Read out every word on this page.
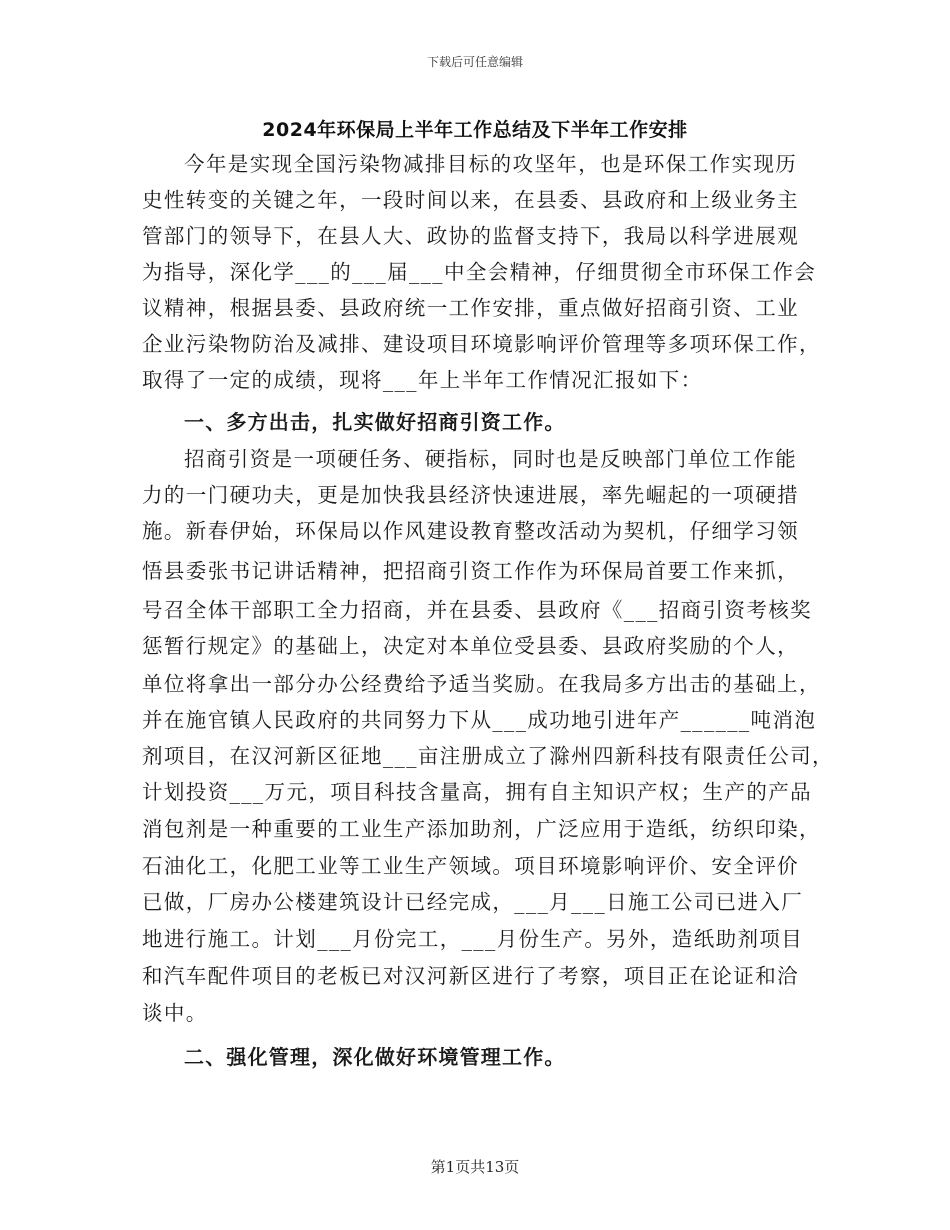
下载后可任意编辑
2024年环保局上半年工作总结及下半年工作安排
今年是实现全国污染物减排目标的攻坚年，也是环保工作实现历
史性转变的关键之年，一段时间以来，在县委、县政府和上级业务主
管部门的领导下，在县人大、政协的监督支持下，我局以科学进展观
为指导，深化学___的___届___中全会精神，仔细贯彻全市环保工作会
议精神，根据县委、县政府统一工作安排，重点做好招商引资、工业
企业污染物防治及减排、建设项目环境影响评价管理等多项环保工作，
取得了一定的成绩，现将___年上半年工作情况汇报如下：
一、多方出击，扎实做好招商引资工作。
招商引资是一项硬任务、硬指标，同时也是反映部门单位工作能
力的一门硬功夫，更是加快我县经济快速进展，率先崛起的一项硬措
施。新春伊始，环保局以作风建设教育整改活动为契机，仔细学习领
悟县委张书记讲话精神，把招商引资工作作为环保局首要工作来抓，
号召全体干部职工全力招商，并在县委、县政府《___招商引资考核奖
惩暂行规定》的基础上，决定对本单位受县委、县政府奖励的个人，
单位将拿出一部分办公经费给予适当奖励。在我局多方出击的基础上，
并在施官镇人民政府的共同努力下从___成功地引进年产______吨消泡
剂项目，在汉河新区征地___亩注册成立了滁州四新科技有限责任公司，
计划投资___万元，项目科技含量高，拥有自主知识产权；生产的产品
消包剂是一种重要的工业生产添加助剂，广泛应用于造纸，纺织印染，
石油化工，化肥工业等工业生产领域。项目环境影响评价、安全评价
已做，厂房办公楼建筑设计已经完成，___月___日施工公司已进入厂
地进行施工。计划___月份完工，___月份生产。另外，造纸助剂项目
和汽车配件项目的老板已对汉河新区进行了考察，项目正在论证和洽
谈中。
二、强化管理，深化做好环境管理工作。
第1页共13页
